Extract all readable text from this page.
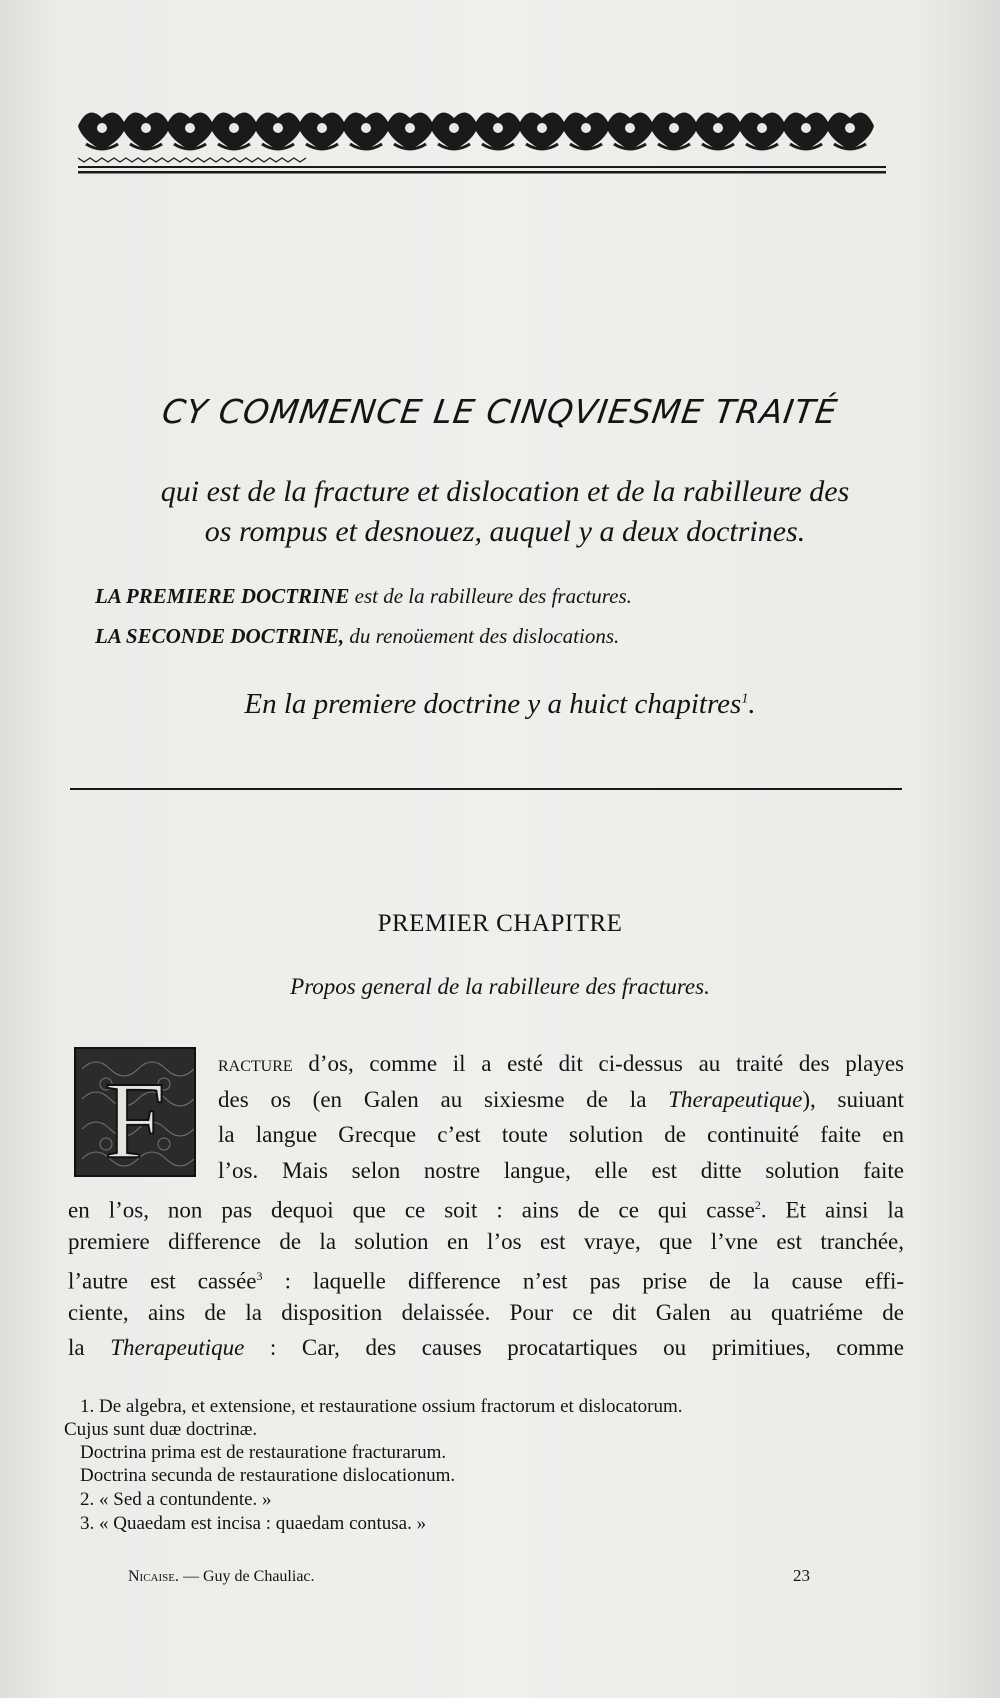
CY COMMENCE LE CINQVIESME TRAITÉ
qui est de la fracture et dislocation et de la rabilleure des
os rompus et desnouez, auquel y a deux doctrines.
LA PREMIERE DOCTRINE est de la rabilleure des fractures.
LA SECONDE DOCTRINE, du renoüement des dislocations.
En la premiere doctrine y a huict chapitres$^1$.
PREMIER CHAPITRE
Propos general de la rabilleure des fractures.
F	racture d’os, comme il a esté dit ci-dessus au traité des playes
des os (en Galen au sixiesme de la Therapeutique), suiuant
la langue Grecque c’est toute solution de continuité faite en
l’os. Mais selon nostre langue, elle est ditte solution faite
en l’os, non pas dequoi que ce soit : ains de ce qui casse$^2$. Et ainsi la
premiere difference de la solution en l’os est vraye, que l’vne est tranchée,
l’autre est cassée$^3$ : laquelle difference n’est pas prise de la cause effi-
ciente, ains de la disposition delaissée. Pour ce dit Galen au quatriéme de
la Therapeutique : Car, des causes procatartiques ou primitiues, comme
1. De algebra, et extensione, et restauratione ossium fractorum et dislocatorum.
Cujus sunt duæ doctrinæ.
Doctrina prima est de restauratione fracturarum.
Doctrina secunda de restauratione dislocationum.
2. « Sed a contundente. »
3. « Quaedam est incisa : quaedam contusa. »
Nicaise. — Guy de Chauliac.	23
